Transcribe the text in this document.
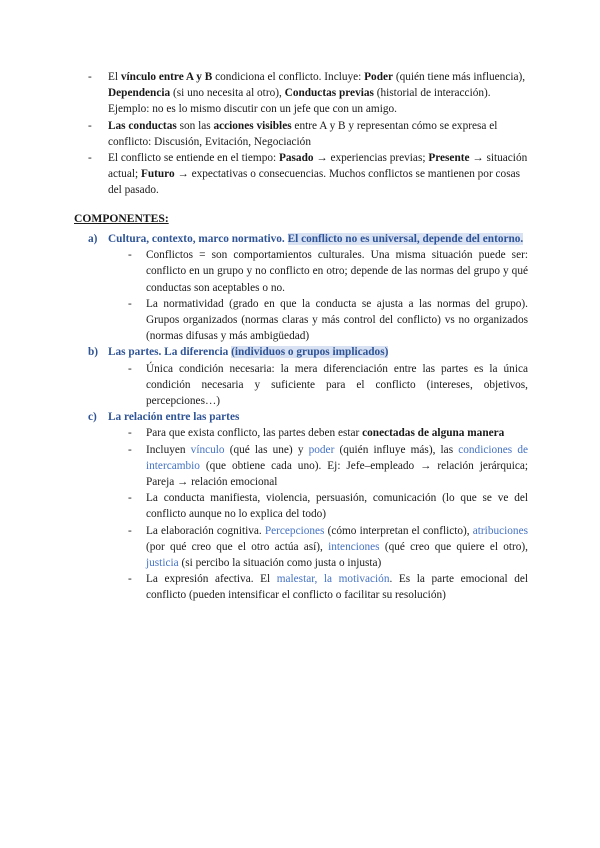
- El vínculo entre A y B condiciona el conflicto. Incluye: Poder (quién tiene más influencia), Dependencia (si uno necesita al otro), Conductas previas (historial de interacción). Ejemplo: no es lo mismo discutir con un jefe que con un amigo.
- Las conductas son las acciones visibles entre A y B y representan cómo se expresa el conflicto: Discusión, Evitación, Negociación
- El conflicto se entiende en el tiempo: Pasado → experiencias previas; Presente → situación actual; Futuro → expectativas o consecuencias. Muchos conflictos se mantienen por cosas del pasado.
COMPONENTES:
a) Cultura, contexto, marco normativo. El conflicto no es universal, depende del entorno.
- Conflictos = son comportamientos culturales. Una misma situación puede ser: conflicto en un grupo y no conflicto en otro; depende de las normas del grupo y qué conductas son aceptables o no.
- La normatividad (grado en que la conducta se ajusta a las normas del grupo). Grupos organizados (normas claras y más control del conflicto) vs no organizados (normas difusas y más ambigüedad)
b) Las partes. La diferencia (individuos o grupos implicados)
- Única condición necesaria: la mera diferenciación entre las partes es la única condición necesaria y suficiente para el conflicto (intereses, objetivos, percepciones…)
c) La relación entre las partes
- Para que exista conflicto, las partes deben estar conectadas de alguna manera
- Incluyen vínculo (qué las une) y poder (quién influye más), las condiciones de intercambio (que obtiene cada uno). Ej: Jefe–empleado → relación jerárquica; Pareja → relación emocional
- La conducta manifiesta, violencia, persuasión, comunicación (lo que se ve del conflicto aunque no lo explica del todo)
- La elaboración cognitiva. Percepciones (cómo interpretan el conflicto), atribuciones (por qué creo que el otro actúa así), intenciones (qué creo que quiere el otro), justicia (si percibo la situación como justa o injusta)
- La expresión afectiva. El malestar, la motivación. Es la parte emocional del conflicto (pueden intensificar el conflicto o facilitar su resolución)
